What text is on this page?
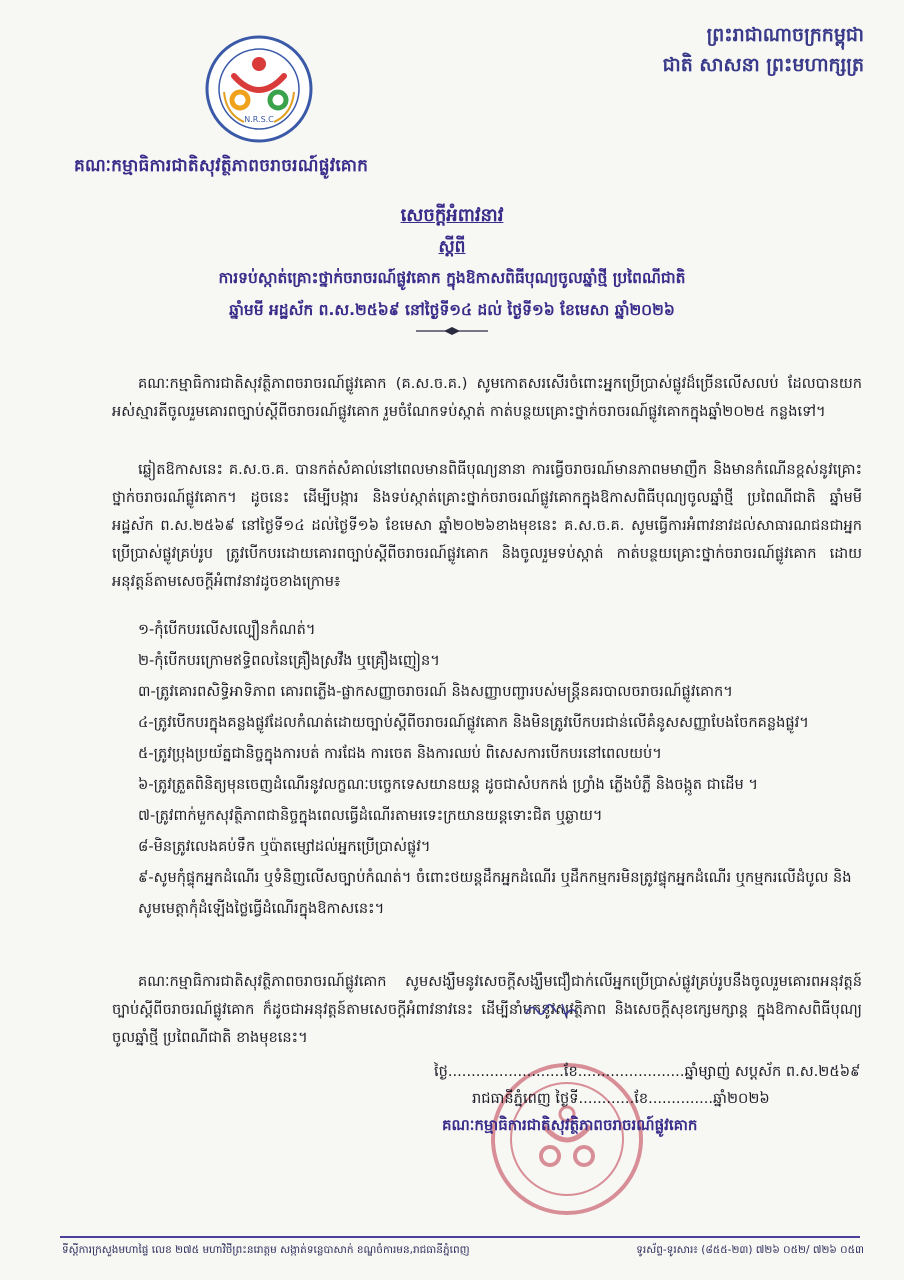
N.R.S.C
ព្រះរាជាណាចក្រកម្ពុជា
ជាតិ សាសនា ព្រះមហាក្សត្រ
គណៈកម្មាធិការជាតិសុវត្ថិភាពចរាចរណ៍ផ្លូវគោក
សេចក្តីអំពាវនាវ
ស្តីពី
ការទប់ស្កាត់គ្រោះថ្នាក់ចរាចរណ៍ផ្លូវគោក ក្នុងឱកាសពិធីបុណ្យចូលឆ្នាំថ្មី ប្រពៃណីជាតិ
ឆ្នាំមមី អដ្ឋស័ក ព.ស.២៥៦៩ នៅថ្ងៃទី១៤ ដល់ ថ្ងៃទី១៦ ខែមេសា ឆ្នាំ២០២៦
គណៈកម្មាធិការជាតិសុវត្ថិភាពចរាចរណ៍ផ្លូវគោក (គ.ស.ច.គ.) សូមកោតសរសើរចំពោះអ្នកប្រើប្រាស់ផ្លូវដ៏ច្រើនលើសលប់ ដែលបានយកអស់ស្មារតីចូលរួមគោរពច្បាប់ស្តីពីចរាចរណ៍ផ្លូវគោក រួមចំណែកទប់ស្កាត់ កាត់បន្ថយគ្រោះថ្នាក់ចរាចរណ៍ផ្លូវគោកក្នុងឆ្នាំ២០២៥ កន្លងទៅ។
ឆ្លៀតឱកាសនេះ គ.ស.ច.គ. បានកត់សំគាល់នៅពេលមានពិធីបុណ្យនានា ការធ្វើចរាចរណ៍មានភាពមមាញឹក និងមានកំណើនខ្ពស់នូវគ្រោះថ្នាក់ចរាចរណ៍ផ្លូវគោក។ ដូចនេះ ដើម្បីបង្ការ និងទប់ស្កាត់គ្រោះថ្នាក់ចរាចរណ៍ផ្លូវគោកក្នុងឱកាសពិធីបុណ្យចូលឆ្នាំថ្មី ប្រពៃណីជាតិ ឆ្នាំមមី អដ្ឋស័ក ព.ស.២៥៦៩ នៅថ្ងៃទី១៤ ដល់ថ្ងៃទី១៦ ខែមេសា ឆ្នាំ២០២៦ខាងមុខនេះ គ.ស.ច.គ. សូមធ្វើការអំពាវនាវដល់សាធារណជនជាអ្នកប្រើប្រាស់ផ្លូវគ្រប់រូប ត្រូវបើកបរដោយគោរពច្បាប់ស្តីពីចរាចរណ៍ផ្លូវគោក និងចូលរួមទប់ស្កាត់ កាត់បន្ថយគ្រោះថ្នាក់ចរាចរណ៍ផ្លូវគោក ដោយអនុវត្តន៍តាមសេចក្តីអំពាវនាវដូចខាងក្រោម៖
១-កុំបើកបរលើសល្បឿនកំណត់។
២-កុំបើកបរក្រោមឥទ្ធិពលនៃគ្រឿងស្រវឹង ឬគ្រឿងញៀន។
៣-ត្រូវគោរពសិទ្ធិអាទិភាព គោរពភ្លើង-ផ្លាកសញ្ញាចរាចរណ៍ និងសញ្ញាបញ្ជារបស់មន្ត្រីនគរបាលចរាចរណ៍ផ្លូវគោក។
៤-ត្រូវបើកបរក្នុងគន្លងផ្លូវដែលកំណត់ដោយច្បាប់ស្តីពីចរាចរណ៍ផ្លូវគោក និងមិនត្រូវបើកបរជាន់លើគំនូសសញ្ញាបែងចែកគន្លងផ្លូវ។
៥-ត្រូវប្រុងប្រយ័ត្នជានិច្ចក្នុងការបត់ ការជែង ការចេត និងការឈប់ ពិសេសការបើកបរនៅពេលយប់។
៦-ត្រូវត្រួតពិនិត្យមុនចេញដំណើរនូវលក្ខណៈបច្ចេកទេសយានយន្ត ដូចជាសំបកកង់ ហ្វ្រាំង ភ្លើងបំភ្លឺ និងចង្កូត ជាដើម ។
៧-ត្រូវពាក់មួកសុវត្ថិភាពជានិច្ចក្នុងពេលធ្វើដំណើរតាមរទេះក្រយានយន្តទោះជិត ឬឆ្ងាយ។
៨-មិនត្រូវលេងគប់ទឹក ឬប៉ាតម្សៅដល់អ្នកប្រើប្រាស់ផ្លូវ។
៩-សូមកុំផ្ទុកអ្នកដំណើរ ឬទំនិញលើសច្បាប់កំណត់។ ចំពោះថយន្តដឹកអ្នកដំណើរ ឬដឹកកម្មករមិនត្រូវផ្ទុកអ្នកដំណើរ ឬកម្មករលើដំបូល និងសូមមេត្តាកុំដំឡើងថ្លៃធ្វើដំណើរក្នុងឱកាសនេះ។
គណៈកម្មាធិការជាតិសុវត្ថិភាពចរាចរណ៍ផ្លូវគោក សូមសង្ឃឹមនូវសេចក្តីសង្ឃឹមជឿជាក់លើអ្នកប្រើប្រាស់ផ្លូវគ្រប់រូបនឹងចូលរួមគោរពអនុវត្តន៍ច្បាប់ស្តីពីចរាចរណ៍ផ្លូវគោក ក៏ដូចជាអនុវត្តន៍តាមសេចក្តីអំពាវនាវនេះ ដើម្បីនាំមកនូវសុវត្ថិភាព និងសេចក្តីសុខក្សេមក្សាន្ត ក្នុងឱកាសពិធីបុណ្យចូលឆ្នាំថ្មី ប្រពៃណីជាតិ ខាងមុខនេះ។
ថ្ងៃ.........................ខែ.......................ឆ្នាំម្សាញ់ សប្តស័ក ព.ស.២៥៦៩
រាជធានីភ្នំពេញ ថ្ងៃទី............ខែ..............ឆ្នាំ២០២៦
គណៈកម្មាធិការជាតិសុវត្ថិភាពចរាចរណ៍ផ្លូវគោក
ទីស្តីការក្រសួងមហាផ្ទៃ លេខ ២៧៥ មហាវិថីព្រះនរោត្តម សង្កាត់ទន្លេបាសាក់ ខណ្ឌចំការមន,រាជធានីភ្នំពេញ	ទូរស័ព្ទ-ទូរសារ៖ (៨៥៥-២៣) ៧២៦ ០៥២/ ៧២៦ ០៥៣
